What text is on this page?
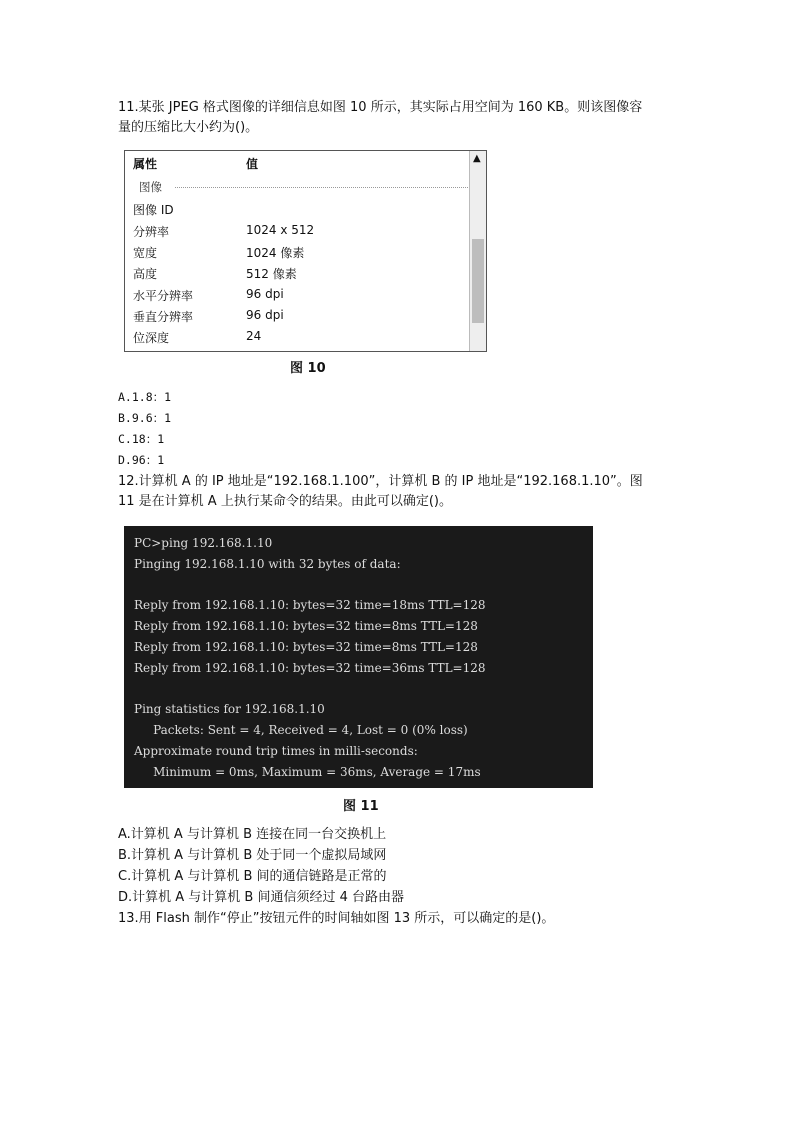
11.某张 JPEG 格式图像的详细信息如图 10 所示，其实际占用空间为 160 KB。则该图像容
量的压缩比大小约为()。
属性	值
图像
图像 ID
分辨率	1024 x 512
宽度	1024 像素
高度	512 像素
水平分辨率	96 dpi
垂直分辨率	96 dpi
位深度	24
▲
图 10
A.1.8：1
B.9.6：1
C.18：1
D.96：1
12.计算机 A 的 IP 地址是“192.168.1.100”，计算机 B 的 IP 地址是“192.168.1.10”。图
11 是在计算机 A 上执行某命令的结果。由此可以确定()。
PC>ping 192.168.1.10
Pinging 192.168.1.10 with 32 bytes of data:
Reply from 192.168.1.10: bytes=32 time=18ms TTL=128
Reply from 192.168.1.10: bytes=32 time=8ms TTL=128
Reply from 192.168.1.10: bytes=32 time=8ms TTL=128
Reply from 192.168.1.10: bytes=32 time=36ms TTL=128
Ping statistics for 192.168.1.10
Packets: Sent = 4, Received = 4, Lost = 0 (0% loss)
Approximate round trip times in milli-seconds:
Minimum = 0ms, Maximum = 36ms, Average = 17ms
图 11
A.计算机 A 与计算机 B 连接在同一台交换机上
B.计算机 A 与计算机 B 处于同一个虚拟局域网
C.计算机 A 与计算机 B 间的通信链路是正常的
D.计算机 A 与计算机 B 间通信须经过 4 台路由器
13.用 Flash 制作“停止”按钮元件的时间轴如图 13 所示，可以确定的是()。
